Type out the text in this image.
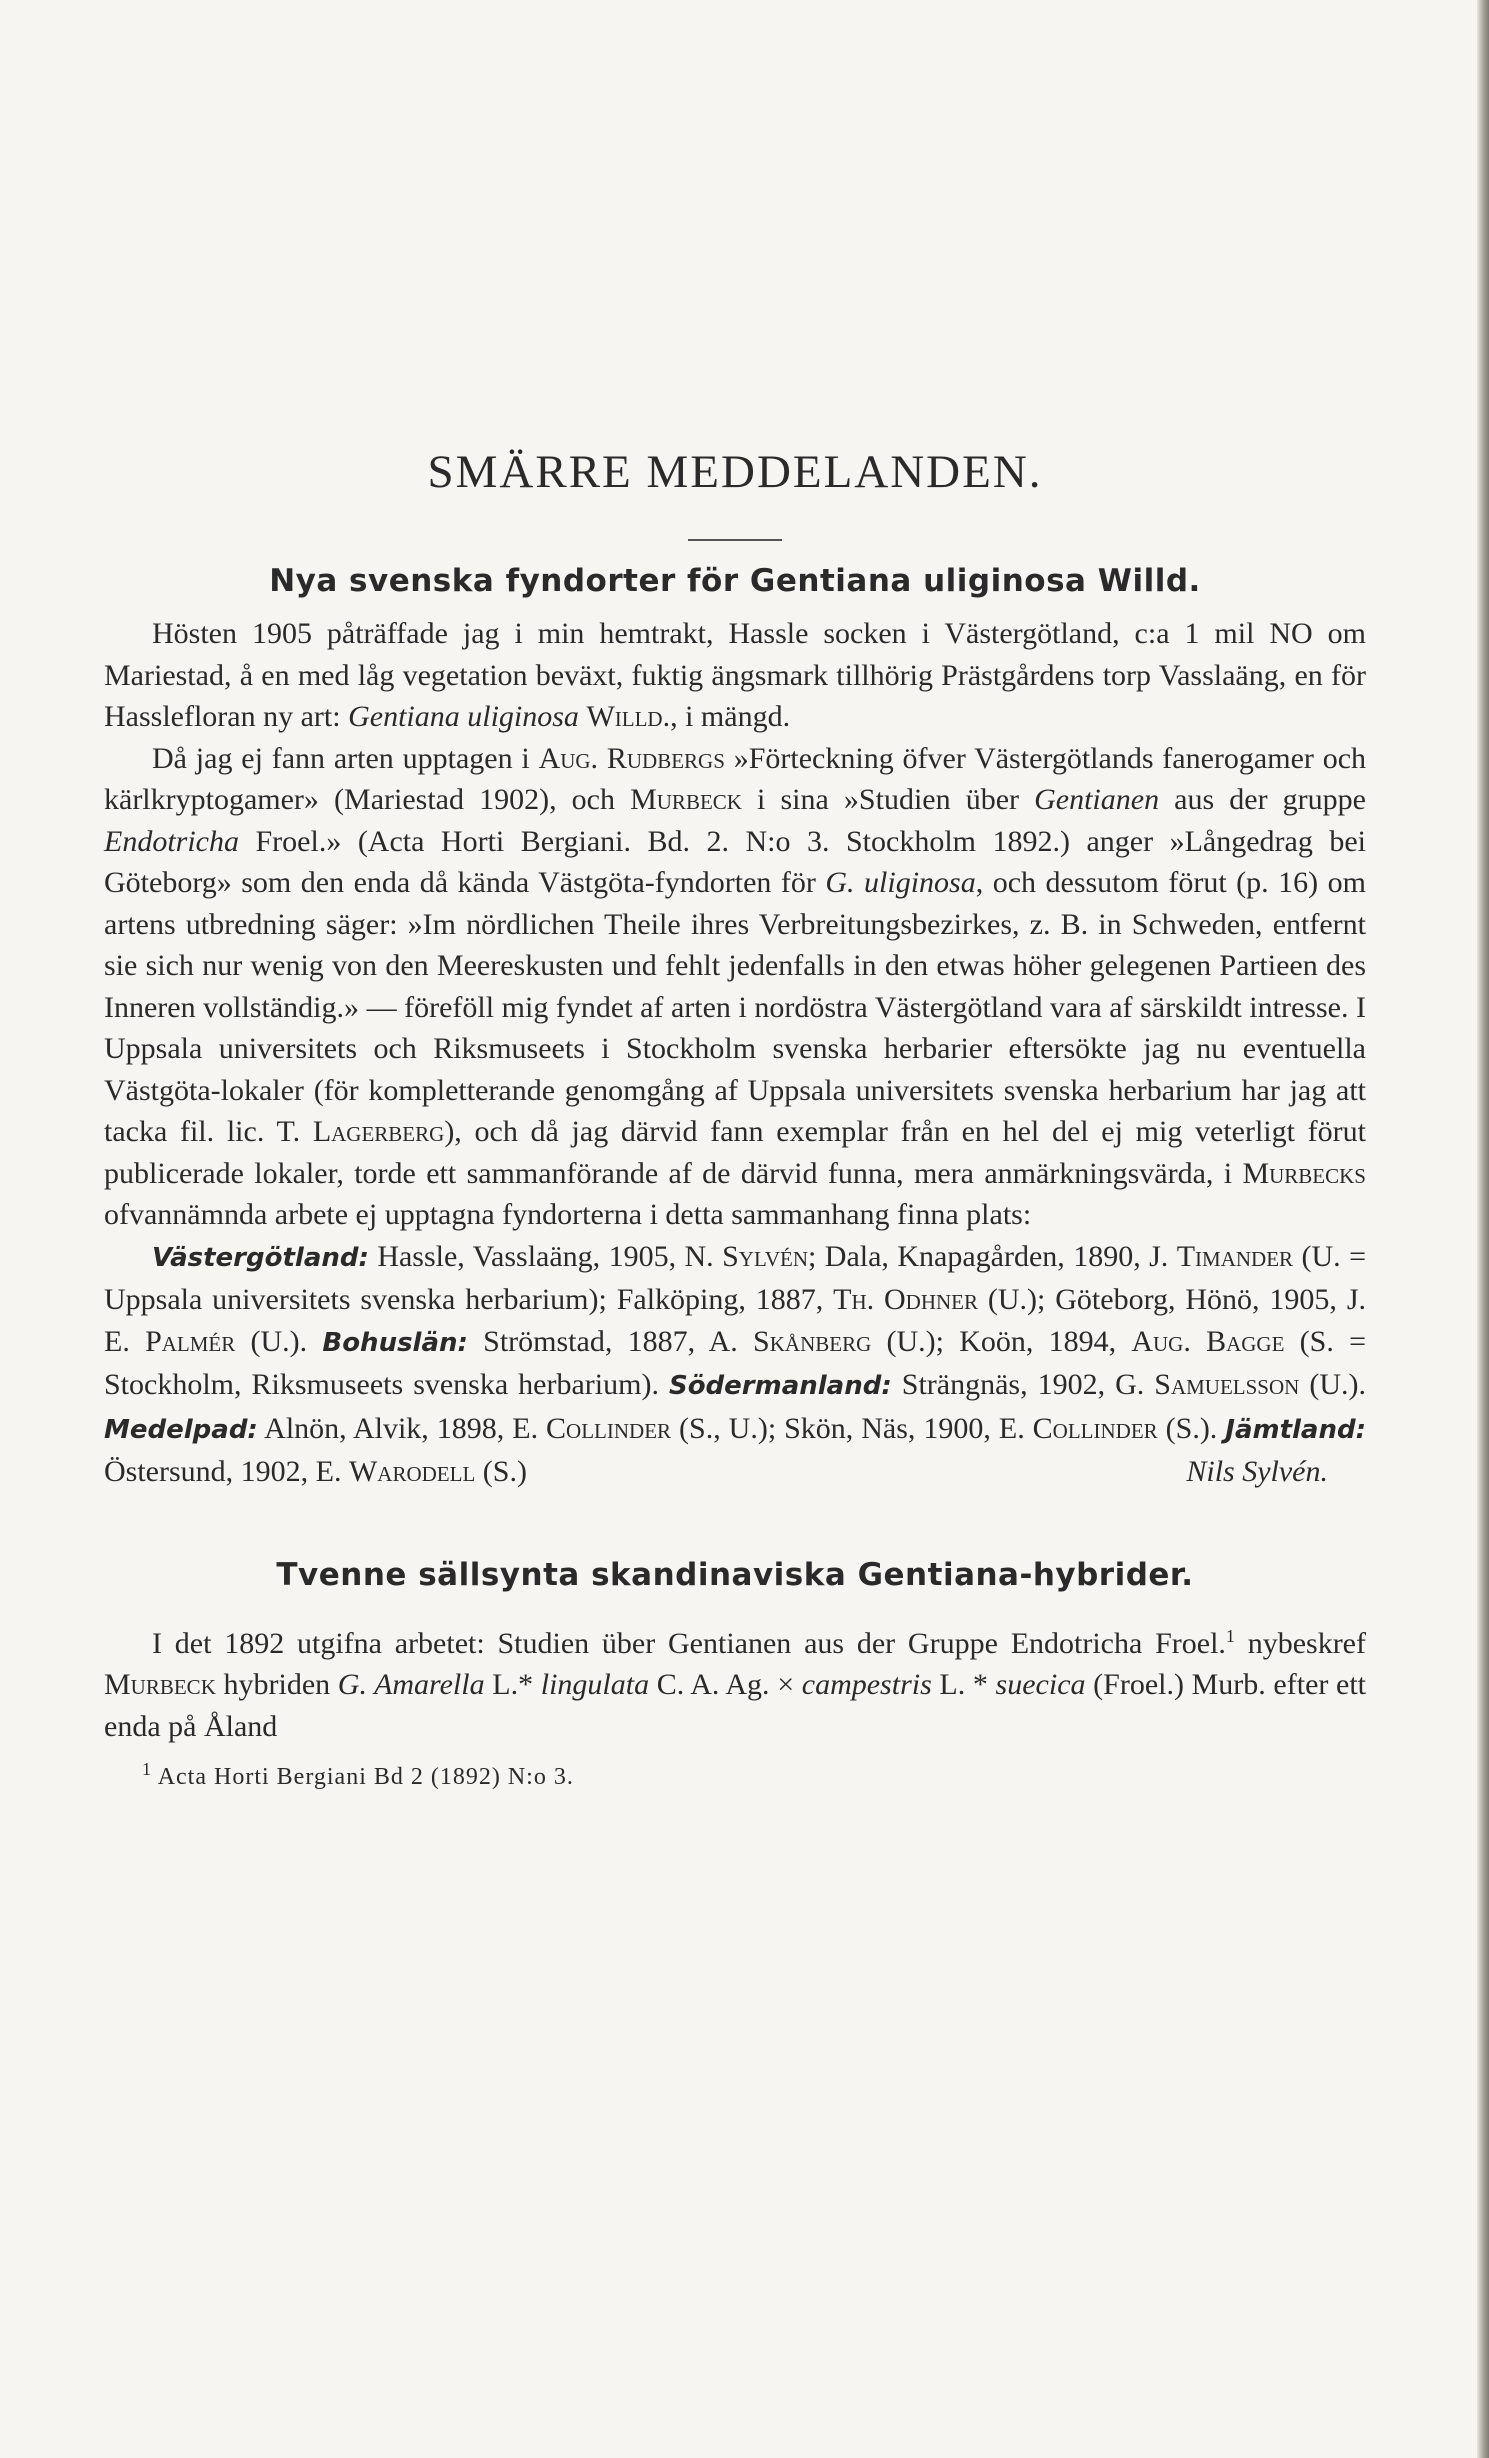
SMÄRRE MEDDELANDEN.
Nya svenska fyndorter för Gentiana uliginosa Willd.

Hösten 1905 påträffade jag i min hemtrakt, Hassle socken i Västergötland, c:a 1 mil NO om Mariestad, å en med låg vegetation beväxt, fuktig ängsmark tillhörig Prästgårdens torp Vasslaäng, en för Hasslefloran ny art: Gentiana uliginosa Willd., i mängd.

Då jag ej fann arten upptagen i Aug. Rudbergs »Förteckning öfver Västergötlands fanerogamer och kärlkryptogamer» (Mariestad 1902), och Murbeck i sina »Studien über Gentianen aus der gruppe Endotricha Froel.» (Acta Horti Bergiani. Bd. 2. N:o 3. Stockholm 1892.) anger »Långedrag bei Göteborg» som den enda då kända Västgöta-fyndorten för G. uliginosa, och dessutom förut (p. 16) om artens utbredning säger: »Im nördlichen Theile ihres Verbreitungsbezirkes, z. B. in Schweden, entfernt sie sich nur wenig von den Meereskusten und fehlt jedenfalls in den etwas höher gelegenen Partieen des Inneren vollständig.» — föreföll mig fyndet af arten i nordöstra Västergötland vara af särskildt intresse. I Uppsala universitets och Riksmuseets i Stockholm svenska herbarier eftersökte jag nu eventuella Västgöta-lokaler (för kompletterande genomgång af Uppsala universitets svenska herbarium har jag att tacka fil. lic. T. Lagerberg), och då jag därvid fann exemplar från en hel del ej mig veterligt förut publicerade lokaler, torde ett sammanförande af de därvid funna, mera anmärkningsvärda, i Murbecks ofvannämnda arbete ej upptagna fyndorterna i detta sammanhang finna plats:

Västergötland: Hassle, Vasslaäng, 1905, N. Sylvén; Dala, Knapagården, 1890, J. Timander (U. = Uppsala universitets svenska herbarium); Falköping, 1887, Th. Odhner (U.); Göteborg, Hönö, 1905, J. E. Palmér (U.). Bohuslän: Strömstad, 1887, A. Skånberg (U.); Koön, 1894, Aug. Bagge (S. = Stockholm, Riksmuseets svenska herbarium). Södermanland: Strängnäs, 1902, G. Samuelsson (U.). Medelpad: Alnön, Alvik, 1898, E. Collinder (S., U.); Skön, Näs, 1900, E. Collinder (S.). Jämtland: Östersund, 1902, E. Warodell (S.)	Nils Sylvén.

Tvenne sällsynta skandinaviska Gentiana-hybrider.

I det 1892 utgifna arbetet: Studien über Gentianen aus der Gruppe Endotricha Froel.$^1$ nybeskref Murbeck hybriden G. Amarella L.* lingulata C. A. Ag. × campestris L. * suecica (Froel.) Murb. efter ett enda på Åland

$^1$ Acta Horti Bergiani Bd 2 (1892) N:o 3.
